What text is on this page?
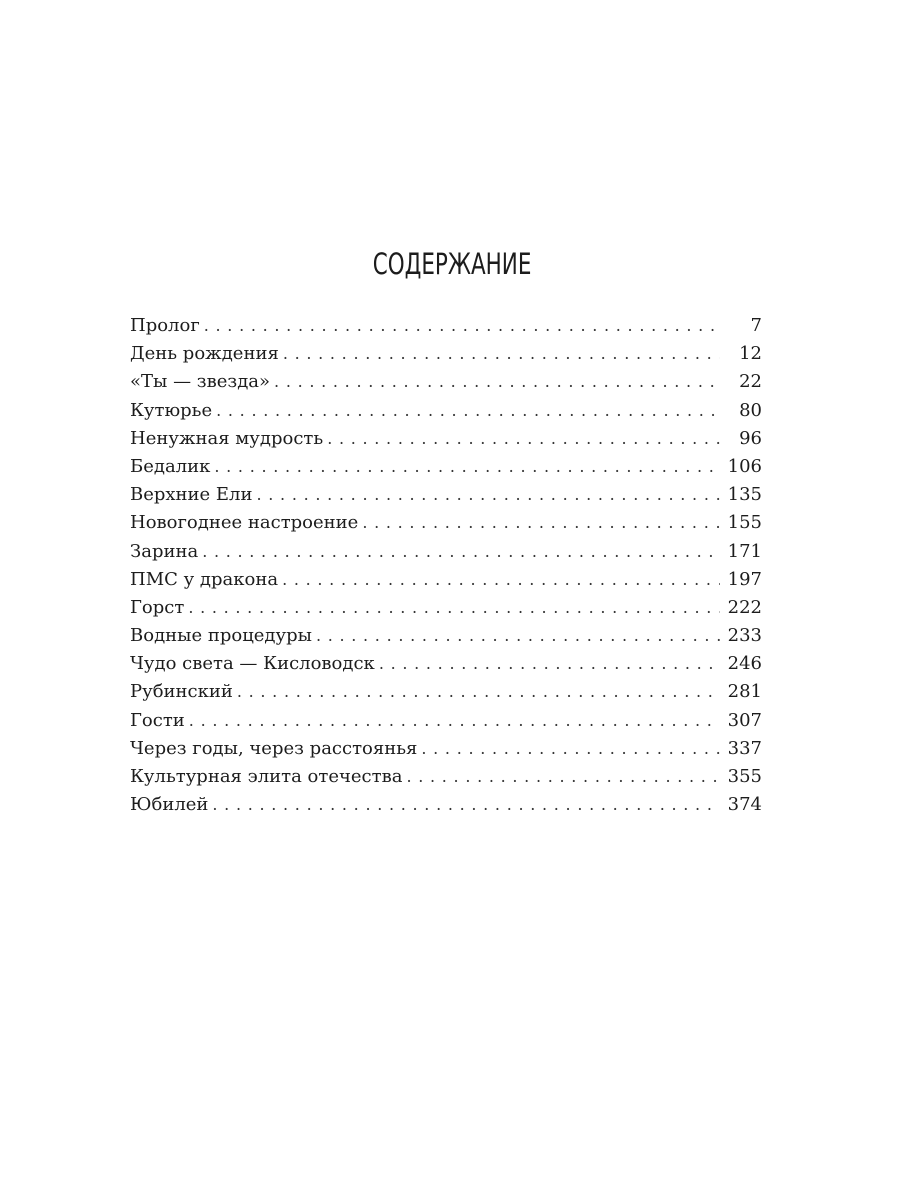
СОДЕРЖАНИЕ
Пролог . . .	7
День рождения . . .	12
«Ты — звезда» . . .	22
Кутюрье . . .	80
Ненужная мудрость . . .	96
Бедалик . . .	106
Верхние Ели . . .	135
Новогоднее настроение . . .	155
Зарина . . .	171
ПМС у дракона . . .	197
Горст . . .	222
Водные процедуры . . .	233
Чудо света — Кисловодск . . .	246
Рубинский . . .	281
Гости . . .	307
Через годы, через расстоянья . . .	337
Культурная элита отечества . . .	355
Юбилей . . .	374
